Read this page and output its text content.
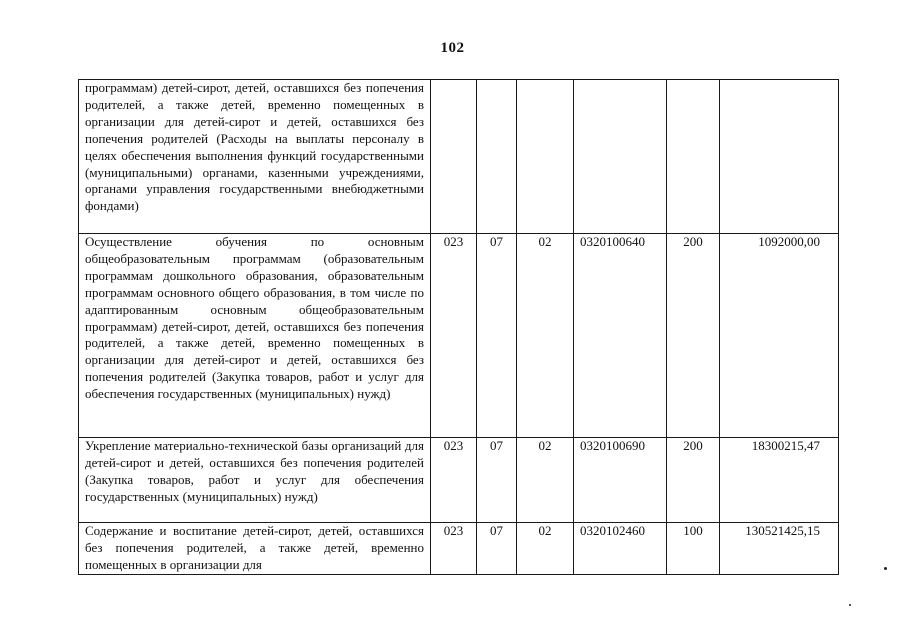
102
программам) детей-сирот, детей, оставшихся без попечения родителей, а также детей, временно помещенных в организации для детей-сирот и детей, оставшихся без попечения родителей (Расходы на выплаты персоналу в целях обеспечения выполнения функций государственными (муниципальными) органами, казенными учреждениями, органами управления государственными внебюджетными фондами)						
Осуществление обучения по основным общеобразовательным программам (образовательным программам дошкольного образования, образовательным программам основного общего образования, в том числе по адаптированным основным общеобразовательным программам) детей-сирот, детей, оставшихся без попечения родителей, а также детей, временно помещенных в организации для детей-сирот и детей, оставшихся без попечения родителей (Закупка товаров, работ и услуг для обеспечения государственных (муниципальных) нужд)	023	07	02	0320100640	200	1092000,00
Укрепление материально-технической базы организаций для детей-сирот и детей, оставшихся без попечения родителей (Закупка товаров, работ и услуг для обеспечения государственных (муниципальных) нужд)	023	07	02	0320100690	200	18300215,47
Содержание и воспитание детей-сирот, детей, оставшихся без попечения родителей, а также детей, временно помещенных в организации для	023	07	02	0320102460	100	130521425,15
